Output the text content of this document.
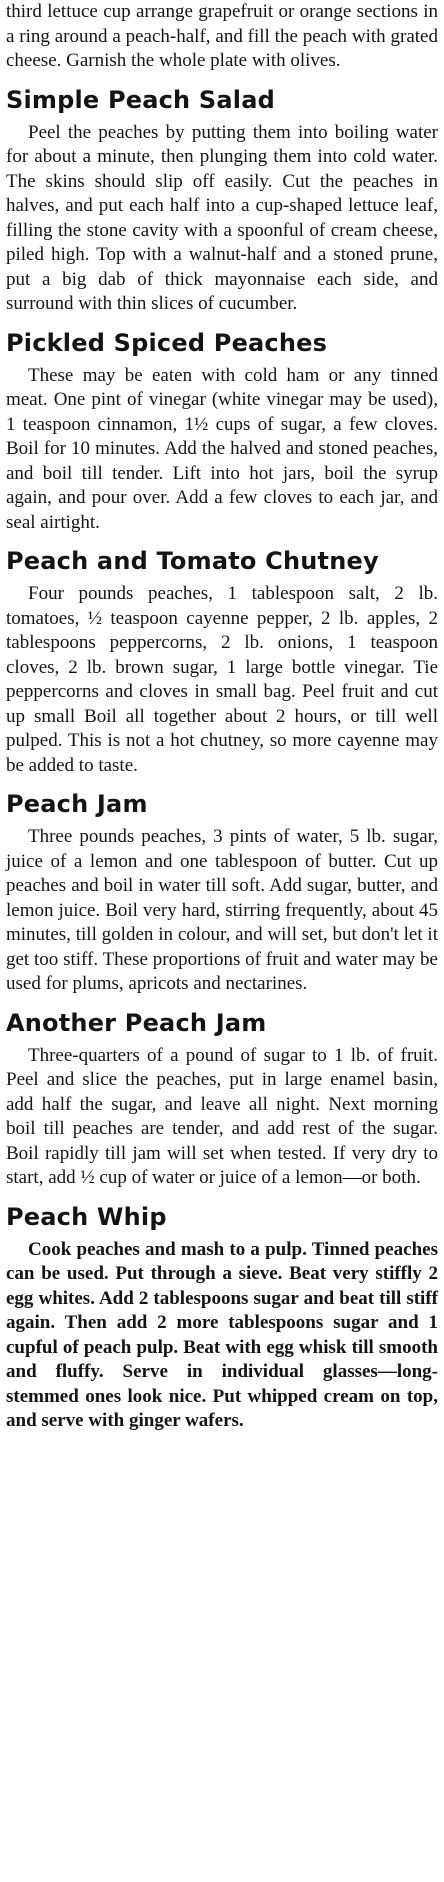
third lettuce cup arrange grapefruit or orange sections in a ring around a peach-half, and fill the peach with grated cheese. Garnish the whole plate with olives.

Simple Peach Salad

Peel the peaches by putting them into boiling water for about a minute, then plunging them into cold water. The skins should slip off easily. Cut the peaches in halves, and put each half into a cup-shaped lettuce leaf, filling the stone cavity with a spoonful of cream cheese, piled high. Top with a walnut-half and a stoned prune, put a big dab of thick mayonnaise each side, and surround with thin slices of cucumber.

Pickled Spiced Peaches

These may be eaten with cold ham or any tinned meat. One pint of vinegar (white vinegar may be used), 1 teaspoon cinnamon, 1½ cups of sugar, a few cloves. Boil for 10 minutes. Add the halved and stoned peaches, and boil till tender. Lift into hot jars, boil the syrup again, and pour over. Add a few cloves to each jar, and seal airtight.

Peach and Tomato Chutney

Four pounds peaches, 1 tablespoon salt, 2 lb. tomatoes, ½ teaspoon cayenne pepper, 2 lb. apples, 2 tablespoons peppercorns, 2 lb. onions, 1 teaspoon cloves, 2 lb. brown sugar, 1 large bottle vinegar. Tie peppercorns and cloves in small bag. Peel fruit and cut up small Boil all together about 2 hours, or till well pulped. This is not a hot chutney, so more cayenne may be added to taste.

Peach Jam

Three pounds peaches, 3 pints of water, 5 lb. sugar, juice of a lemon and one tablespoon of butter. Cut up peaches and boil in water till soft. Add sugar, butter, and lemon juice. Boil very hard, stirring frequently, about 45 minutes, till golden in colour, and will set, but don't let it get too stiff. These proportions of fruit and water may be used for plums, apricots and nectarines.

Another Peach Jam

Three-quarters of a pound of sugar to 1 lb. of fruit. Peel and slice the peaches, put in large enamel basin, add half the sugar, and leave all night. Next morning boil till peaches are tender, and add rest of the sugar. Boil rapidly till jam will set when tested. If very dry to start, add ½ cup of water or juice of a lemon—or both.

Peach Whip

Cook peaches and mash to a pulp. Tinned peaches can be used. Put through a sieve. Beat very stiffly 2 egg whites. Add 2 tablespoons sugar and beat till stiff again. Then add 2 more tablespoons sugar and 1 cupful of peach pulp. Beat with egg whisk till smooth and fluffy. Serve in individual glasses—long-stemmed ones look nice. Put whipped cream on top, and serve with ginger wafers.
